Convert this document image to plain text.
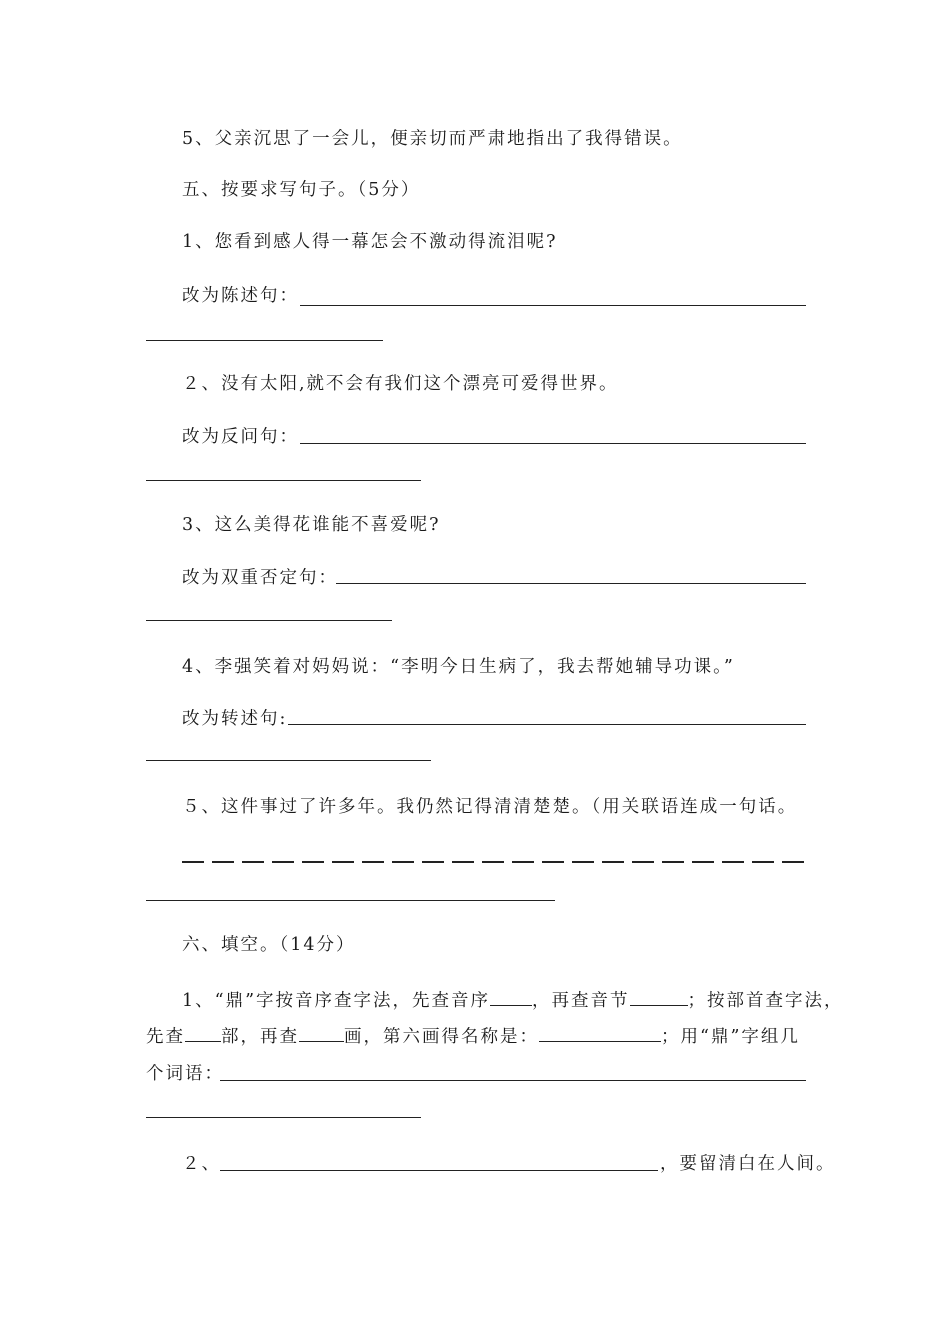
5、父亲沉思了一会儿，便亲切而严肃地指出了我得错误。
五、按要求写句子。（5分）
1、您看到感人得一幕怎会不激动得流泪呢?
改为陈述句：
２、没有太阳,就不会有我们这个漂亮可爱得世界。
改为反问句：
3、这么美得花谁能不喜爱呢?
改为双重否定句：
4、李强笑着对妈妈说：“李明今日生病了，我去帮她辅导功课。”
改为转述句:
５、这件事过了许多年。我仍然记得清清楚楚。（用关联语连成一句话。
六、填空。（14分）
1、“鼎”字按音序查字法，先查音序 ，再查音节	；按部首查字法，
先查 部，再查	画，第六画得名称是：	；用“鼎”字组几
个词语：
２、	，要留清白在人间。
